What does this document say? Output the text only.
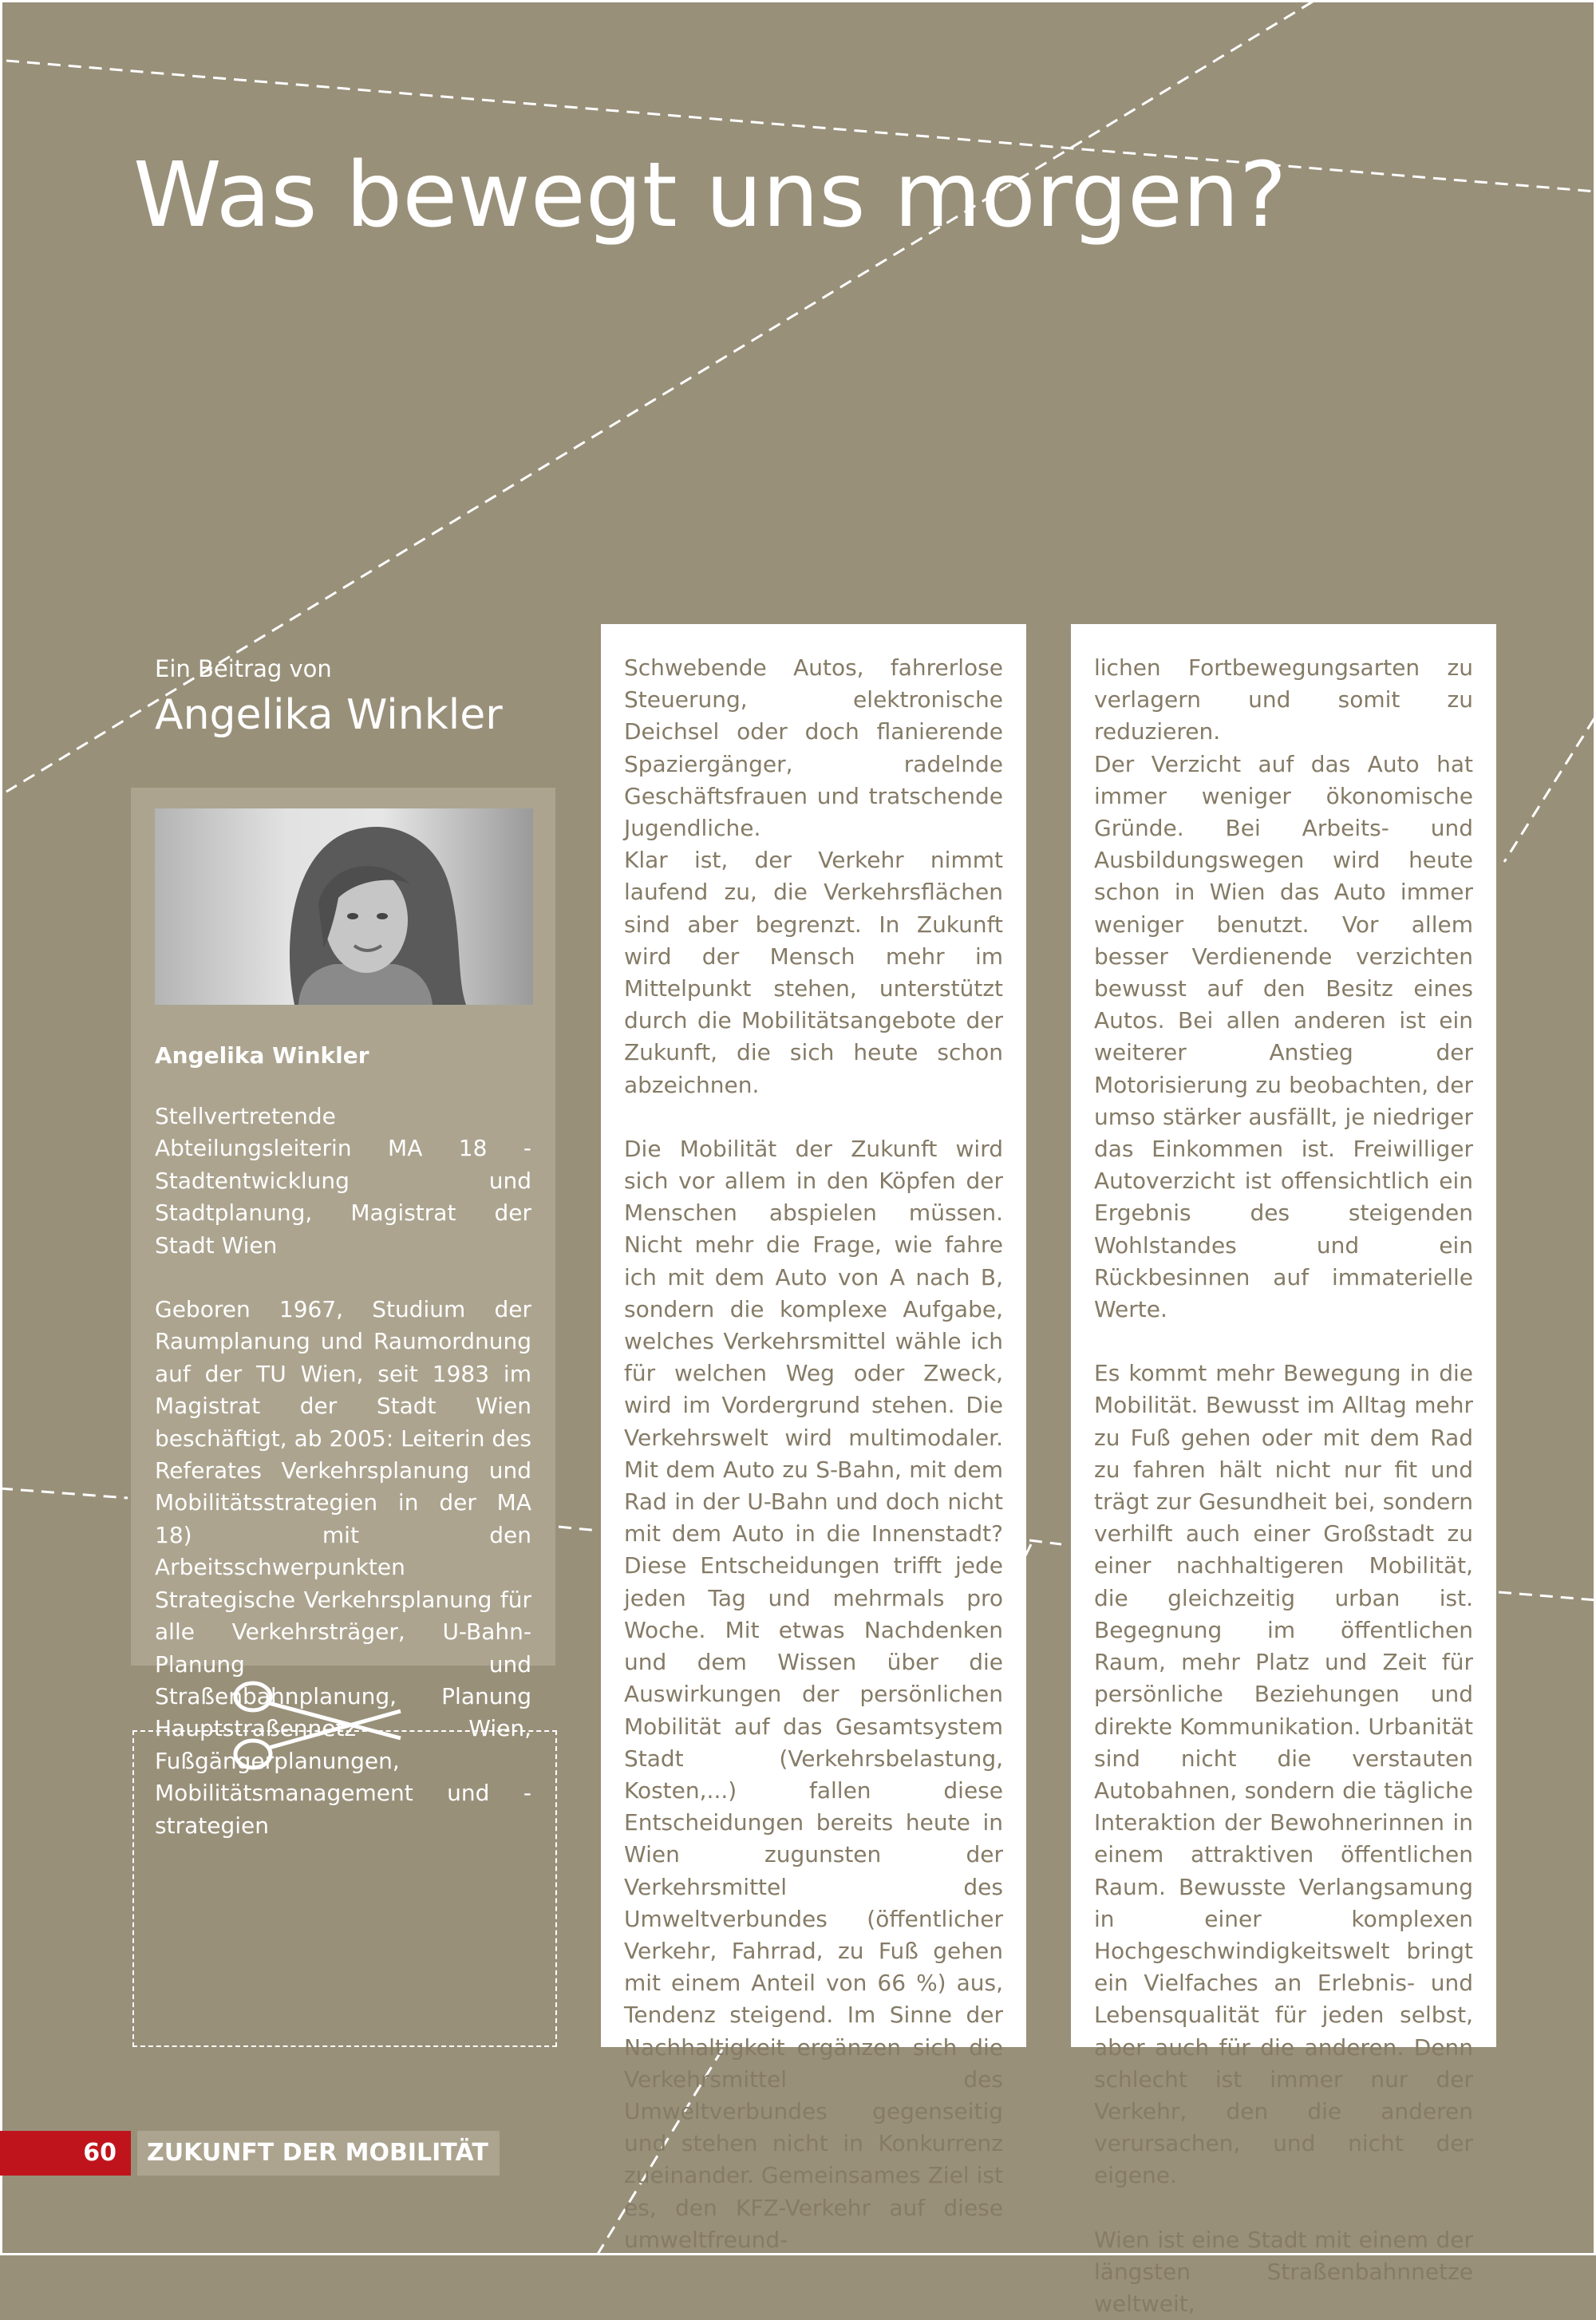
Was bewegt uns morgen?
Ein Beitrag von
Angelika Winkler
Angelika Winkler

Stellvertretende Abteilungsleiterin MA 18 - Stadtentwicklung und Stadtplanung, Magistrat der Stadt Wien

Geboren 1967, Studium der Raumplanung und Raumordnung auf der TU Wien, seit 1983 im Magistrat der Stadt Wien beschäftigt, ab 2005: Leiterin des Referates Verkehrsplanung und Mobilitätsstrategien in der MA 18) mit den Arbeitsschwerpunkten Strategische Verkehrsplanung für alle Verkehrsträger, U-Bahn-Planung und Straßenbahnplanung, Planung Hauptstraßennetz Wien, Fußgängerplanungen, Mobilitätsmanagement und -strategien

Schwebende Autos, fahrerlose Steuerung, elektronische Deichsel oder doch flanierende Spaziergänger, radelnde Geschäftsfrauen und tratschende Jugendliche.
Klar ist, der Verkehr nimmt laufend zu, die Verkehrsflächen sind aber begrenzt. In Zukunft wird der Mensch mehr im Mittelpunkt stehen, unterstützt durch die Mobilitätsangebote der Zukunft, die sich heute schon abzeichnen.

Die Mobilität der Zukunft wird sich vor allem in den Köpfen der Menschen abspielen müssen. Nicht mehr die Frage, wie fahre ich mit dem Auto von A nach B, sondern die komplexe Aufgabe, welches Verkehrsmittel wähle ich für welchen Weg oder Zweck, wird im Vordergrund stehen. Die Verkehrswelt wird multimodaler. Mit dem Auto zu S-Bahn, mit dem Rad in der U-Bahn und doch nicht mit dem Auto in die Innenstadt? Diese Entscheidungen trifft jede jeden Tag und mehrmals pro Woche. Mit etwas Nachdenken und dem Wissen über die Auswirkungen der persönlichen Mobilität auf das Gesamtsystem Stadt (Verkehrsbelastung, Kosten,...) fallen diese Entscheidungen bereits heute in Wien zugunsten der Verkehrsmittel des Umweltverbundes (öffentlicher Verkehr, Fahrrad, zu Fuß gehen mit einem Anteil von 66 %) aus, Tendenz steigend. Im Sinne der Nachhaltigkeit ergänzen sich die Verkehrsmittel des Umweltverbundes gegenseitig und stehen nicht in Konkurrenz zueinander. Gemeinsames Ziel ist es, den KFZ-Verkehr auf diese umweltfreund-

lichen Fortbewegungsarten zu verlagern und somit zu reduzieren.
Der Verzicht auf das Auto hat immer weniger ökonomische Gründe. Bei Arbeits- und Ausbildungswegen wird heute schon in Wien das Auto immer weniger benutzt. Vor allem besser Verdienende verzichten bewusst auf den Besitz eines Autos. Bei allen anderen ist ein weiterer Anstieg der Motorisierung zu beobachten, der umso stärker ausfällt, je niedriger das Einkommen ist. Freiwilliger Autoverzicht ist offensichtlich ein Ergebnis des steigenden Wohlstandes und ein Rückbesinnen auf immaterielle Werte.

Es kommt mehr Bewegung in die Mobilität. Bewusst im Alltag mehr zu Fuß gehen oder mit dem Rad zu fahren hält nicht nur fit und trägt zur Gesundheit bei, sondern verhilft auch einer Großstadt zu einer nachhaltigeren Mobilität, die gleichzeitig urban ist. Begegnung im öffentlichen Raum, mehr Platz und Zeit für persönliche Beziehungen und direkte Kommunikation. Urbanität sind nicht die verstauten Autobahnen, sondern die tägliche Interaktion der Bewohnerinnen in einem attraktiven öffentlichen Raum. Bewusste Verlangsamung in einer komplexen Hochgeschwindigkeitswelt bringt ein Vielfaches an Erlebnis- und Lebensqualität für jeden selbst, aber auch für die anderen. Denn schlecht ist immer nur der Verkehr, den die anderen verursachen, und nicht der eigene.

Wien ist eine Stadt mit einem der längsten Straßenbahnnetze weltweit,

60	ZUKUNFT DER MOBILITÄT
